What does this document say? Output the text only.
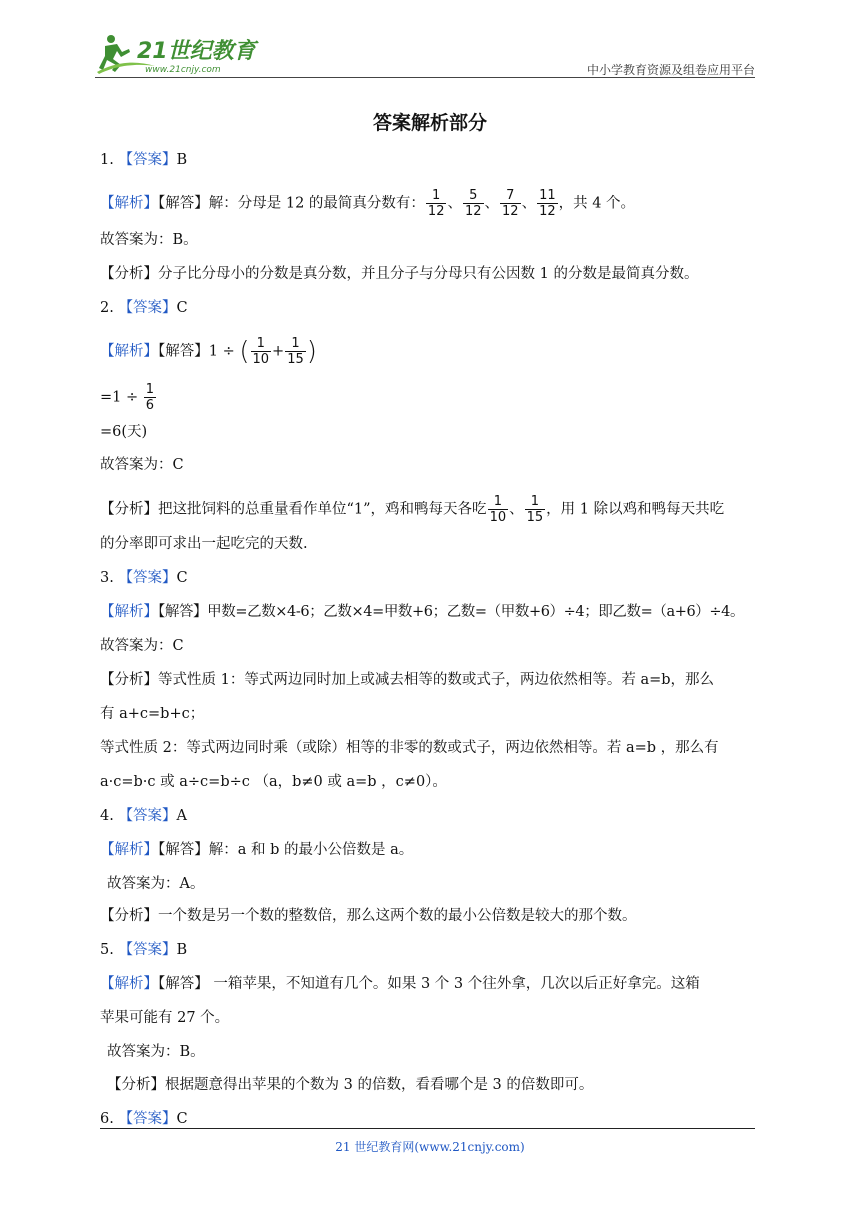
21世纪教育
www.21cnjy.com	中小学教育资源及组卷应用平台
答案解析部分
1. 【答案】B
【解析】【解答】解：分母是 12 的最简真分数有： $\frac{1}{12}$ 、 $\frac{5}{12}$ 、 $\frac{7}{12}$ 、 $\frac{11}{12}$ ，共 4 个。
故答案为：B。
【分析】分子比分母小的分数是真分数，并且分子与分母只有公因数 1 的分数是最简真分数。
2. 【答案】C
【解析】【解答】1 ÷ ( $\frac{1}{10} + \frac{1}{15}$ )
$=1 \div \frac{1}{6}$
=6(天)
故答案为：C
【分析】把这批饲料的总重量看作单位“1”，鸡和鸭每天各吃 $\frac{1}{10}$ 、 $\frac{1}{15}$ ，用 1 除以鸡和鸭每天共吃
的分率即可求出一起吃完的天数.
3. 【答案】C
【解析】【解答】甲数=乙数×4-6；乙数×4=甲数+6；乙数=（甲数+6）÷4；即乙数=（a+6）÷4。
故答案为：C
【分析】等式性质 1：等式两边同时加上或减去相等的数或式子，两边依然相等。若 a=b，那么
有 a+c=b+c；
等式性质 2：等式两边同时乘（或除）相等的非零的数或式子，两边依然相等。若 a=b ，那么有
a·c=b·c 或 a÷c=b÷c （a，b≠0 或 a=b ，c≠0）。
4. 【答案】A
【解析】【解答】解：a 和 b 的最小公倍数是 a。
故答案为：A。
【分析】一个数是另一个数的整数倍，那么这两个数的最小公倍数是较大的那个数。
5. 【答案】B
【解析】【解答】 一箱苹果，不知道有几个。如果 3 个 3 个往外拿，几次以后正好拿完。这箱
苹果可能有 27 个。
故答案为：B。
【分析】根据题意得出苹果的个数为 3 的倍数，看看哪个是 3 的倍数即可。
6. 【答案】C
21 世纪教育网(www.21cnjy.com)
